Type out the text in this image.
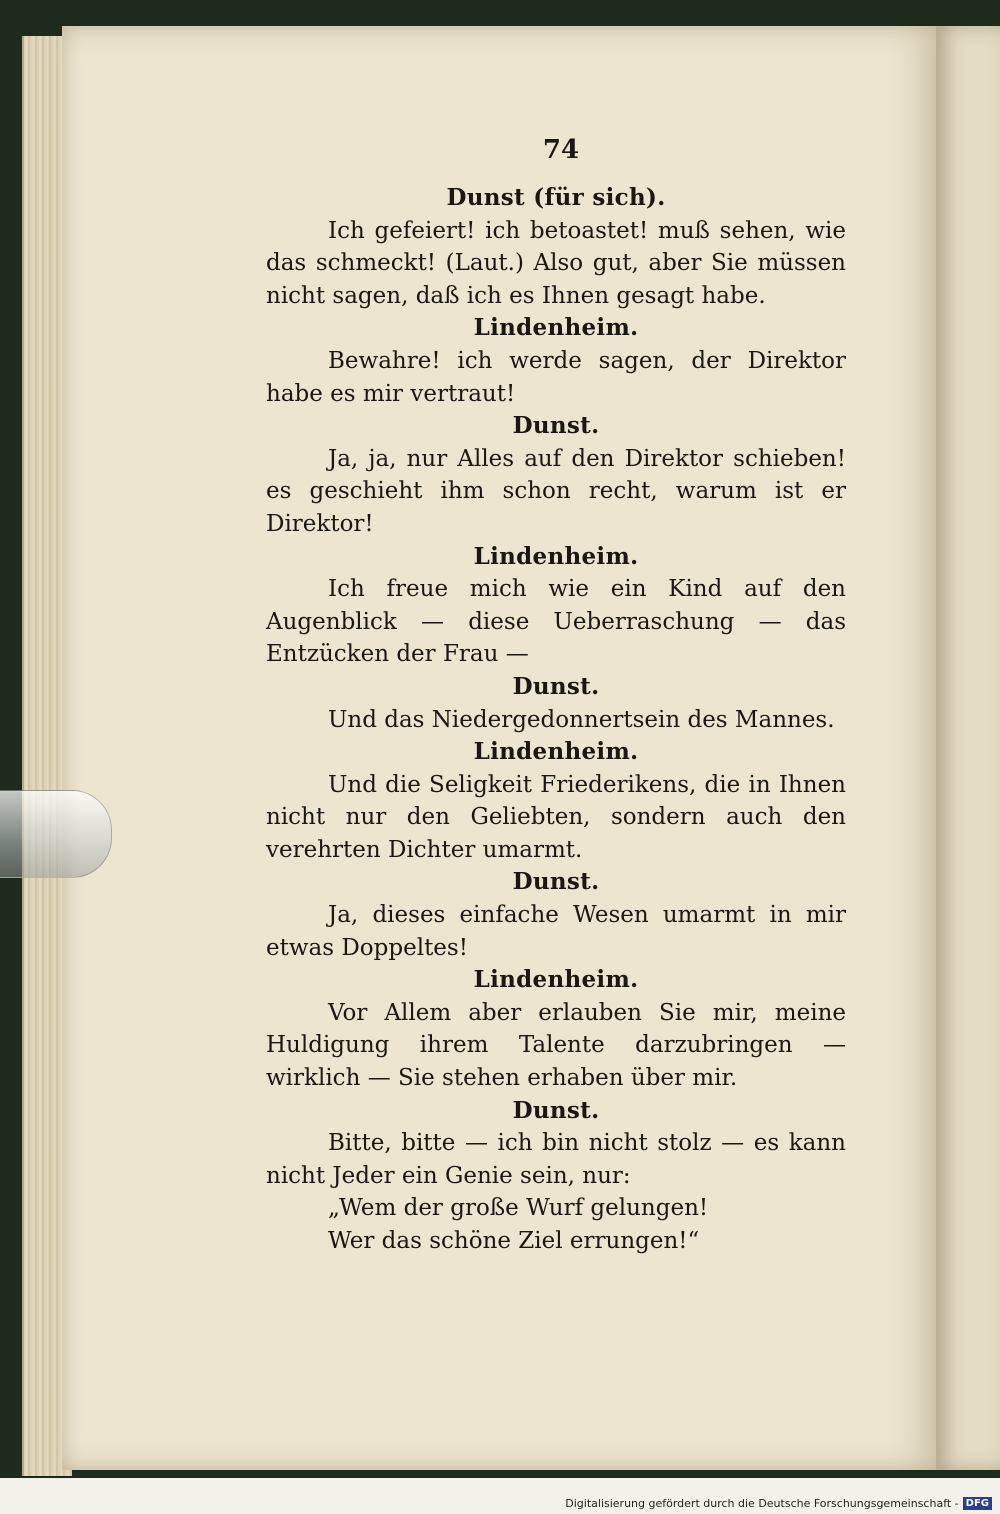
74
Dunst (für sich).
Ich gefeiert! ich betoastet! muß sehen, wie das schmeckt! (Laut.) Also gut, aber Sie müssen nicht sagen, daß ich es Ihnen gesagt habe.
Lindenheim.
Bewahre! ich werde sagen, der Direktor habe es mir vertraut!
Dunst.
Ja, ja, nur Alles auf den Direktor schieben! es geschieht ihm schon recht, warum ist er Direktor!
Lindenheim.
Ich freue mich wie ein Kind auf den Augenblick — diese Ueberraschung — das Entzücken der Frau —
Dunst.
Und das Niedergedonnertsein des Mannes.
Lindenheim.
Und die Seligkeit Friederikens, die in Ihnen nicht nur den Geliebten, sondern auch den verehrten Dichter umarmt.
Dunst.
Ja, dieses einfache Wesen umarmt in mir etwas Doppeltes!
Lindenheim.
Vor Allem aber erlauben Sie mir, meine Huldigung ihrem Talente darzubringen — wirklich — Sie stehen erhaben über mir.
Dunst.
Bitte, bitte — ich bin nicht stolz — es kann nicht Jeder ein Genie sein, nur:
„Wem der große Wurf gelungen!
Wer das schöne Ziel errungen!“
Digitalisierung gefördert durch die Deutsche Forschungsgemeinschaft - DFG
